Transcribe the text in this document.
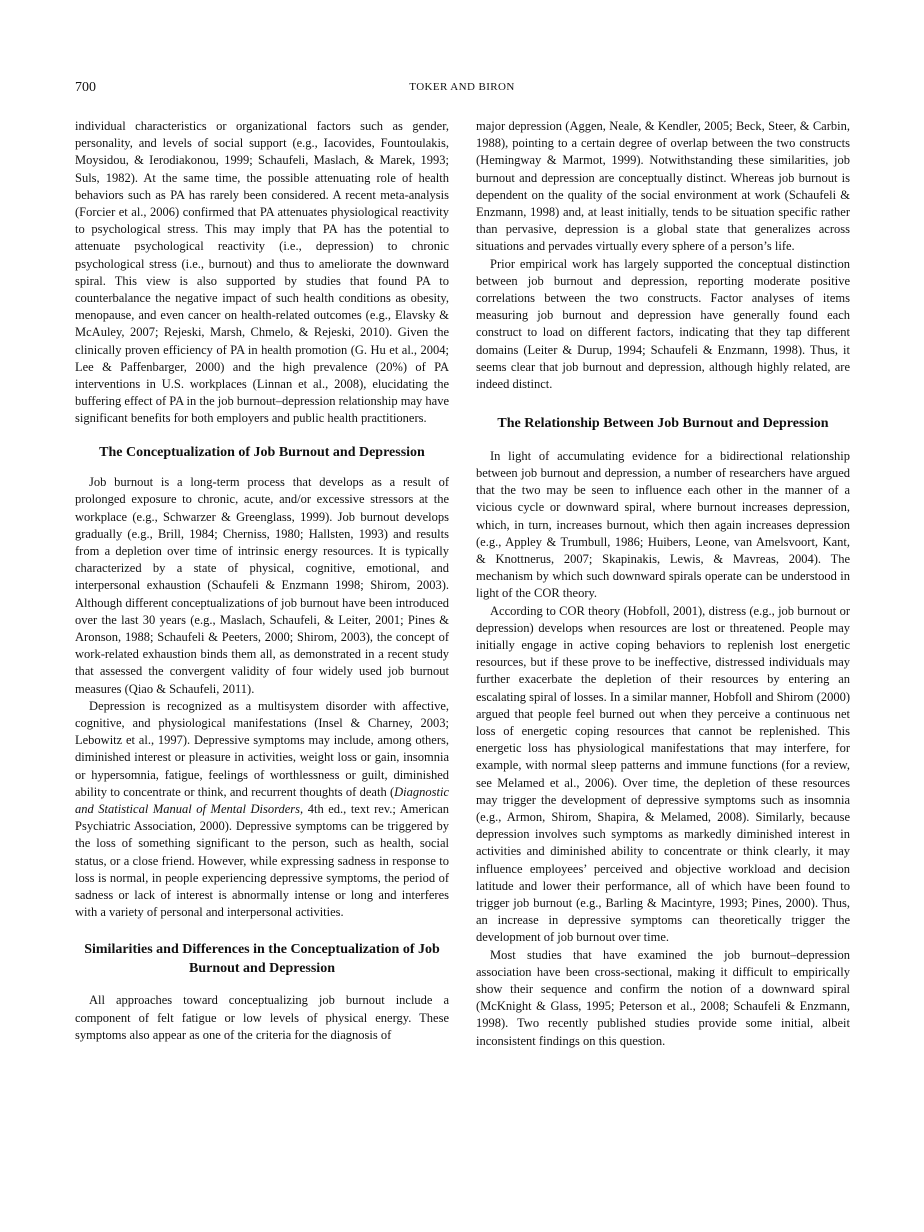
700	TOKER AND BIRON

individual characteristics or organizational factors such as gender, personality, and levels of social support (e.g., Iacovides, Fountoulakis, Moysidou, & Ierodiakonou, 1999; Schaufeli, Maslach, & Marek, 1993; Suls, 1982). At the same time, the possible attenuating role of health behaviors such as PA has rarely been considered. A recent meta-analysis (Forcier et al., 2006) confirmed that PA attenuates physiological reactivity to psychological stress. This may imply that PA has the potential to attenuate psychological reactivity (i.e., depression) to chronic psychological stress (i.e., burnout) and thus to ameliorate the downward spiral. This view is also supported by studies that found PA to counterbalance the negative impact of such health conditions as obesity, menopause, and even cancer on health-related outcomes (e.g., Elavsky & McAuley, 2007; Rejeski, Marsh, Chmelo, & Rejeski, 2010). Given the clinically proven efficiency of PA in health promotion (G. Hu et al., 2004; Lee & Paffenbarger, 2000) and the high prevalence (20%) of PA interventions in U.S. workplaces (Linnan et al., 2008), elucidating the buffering effect of PA in the job burnout–depression relationship may have significant benefits for both employers and public health practitioners.

The Conceptualization of Job Burnout and Depression

Job burnout is a long-term process that develops as a result of prolonged exposure to chronic, acute, and/or excessive stressors at the workplace (e.g., Schwarzer & Greenglass, 1999). Job burnout develops gradually (e.g., Brill, 1984; Cherniss, 1980; Hallsten, 1993) and results from a depletion over time of intrinsic energy resources. It is typically characterized by a state of physical, cognitive, emotional, and interpersonal exhaustion (Schaufeli & Enzmann 1998; Shirom, 2003). Although different conceptualizations of job burnout have been introduced over the last 30 years (e.g., Maslach, Schaufeli, & Leiter, 2001; Pines & Aronson, 1988; Schaufeli & Peeters, 2000; Shirom, 2003), the concept of work-related exhaustion binds them all, as demonstrated in a recent study that assessed the convergent validity of four widely used job burnout measures (Qiao & Schaufeli, 2011).

Depression is recognized as a multisystem disorder with affective, cognitive, and physiological manifestations (Insel & Charney, 2003; Lebowitz et al., 1997). Depressive symptoms may include, among others, diminished interest or pleasure in activities, weight loss or gain, insomnia or hypersomnia, fatigue, feelings of worthlessness or guilt, diminished ability to concentrate or think, and recurrent thoughts of death (Diagnostic and Statistical Manual of Mental Disorders, 4th ed., text rev.; American Psychiatric Association, 2000). Depressive symptoms can be triggered by the loss of something significant to the person, such as health, social status, or a close friend. However, while expressing sadness in response to loss is normal, in people experiencing depressive symptoms, the period of sadness or lack of interest is abnormally intense or long and interferes with a variety of personal and interpersonal activities.

Similarities and Differences in the Conceptualization of Job Burnout and Depression

All approaches toward conceptualizing job burnout include a component of felt fatigue or low levels of physical energy. These symptoms also appear as one of the criteria for the diagnosis of

major depression (Aggen, Neale, & Kendler, 2005; Beck, Steer, & Carbin, 1988), pointing to a certain degree of overlap between the two constructs (Hemingway & Marmot, 1999). Notwithstanding these similarities, job burnout and depression are conceptually distinct. Whereas job burnout is dependent on the quality of the social environment at work (Schaufeli & Enzmann, 1998) and, at least initially, tends to be situation specific rather than pervasive, depression is a global state that generalizes across situations and pervades virtually every sphere of a person’s life.

Prior empirical work has largely supported the conceptual distinction between job burnout and depression, reporting moderate positive correlations between the two constructs. Factor analyses of items measuring job burnout and depression have generally found each construct to load on different factors, indicating that they tap different domains (Leiter & Durup, 1994; Schaufeli & Enzmann, 1998). Thus, it seems clear that job burnout and depression, although highly related, are indeed distinct.

The Relationship Between Job Burnout and Depression

In light of accumulating evidence for a bidirectional relationship between job burnout and depression, a number of researchers have argued that the two may be seen to influence each other in the manner of a vicious cycle or downward spiral, where burnout increases depression, which, in turn, increases burnout, which then again increases depression (e.g., Appley & Trumbull, 1986; Huibers, Leone, van Amelsvoort, Kant, & Knottnerus, 2007; Skapinakis, Lewis, & Mavreas, 2004). The mechanism by which such downward spirals operate can be understood in light of the COR theory.

According to COR theory (Hobfoll, 2001), distress (e.g., job burnout or depression) develops when resources are lost or threatened. People may initially engage in active coping behaviors to replenish lost energetic resources, but if these prove to be ineffective, distressed individuals may further exacerbate the depletion of their resources by entering an escalating spiral of losses. In a similar manner, Hobfoll and Shirom (2000) argued that people feel burned out when they perceive a continuous net loss of energetic coping resources that cannot be replenished. This energetic loss has physiological manifestations that may interfere, for example, with normal sleep patterns and immune functions (for a review, see Melamed et al., 2006). Over time, the depletion of these resources may trigger the development of depressive symptoms such as insomnia (e.g., Armon, Shirom, Shapira, & Melamed, 2008). Similarly, because depression involves such symptoms as markedly diminished interest in activities and diminished ability to concentrate or think clearly, it may influence employees’ perceived and objective workload and decision latitude and lower their performance, all of which have been found to trigger job burnout (e.g., Barling & Macintyre, 1993; Pines, 2000). Thus, an increase in depressive symptoms can theoretically trigger the development of job burnout over time.

Most studies that have examined the job burnout–depression association have been cross-sectional, making it difficult to empirically show their sequence and confirm the notion of a downward spiral (McKnight & Glass, 1995; Peterson et al., 2008; Schaufeli & Enzmann, 1998). Two recently published studies provide some initial, albeit inconsistent findings on this question.
